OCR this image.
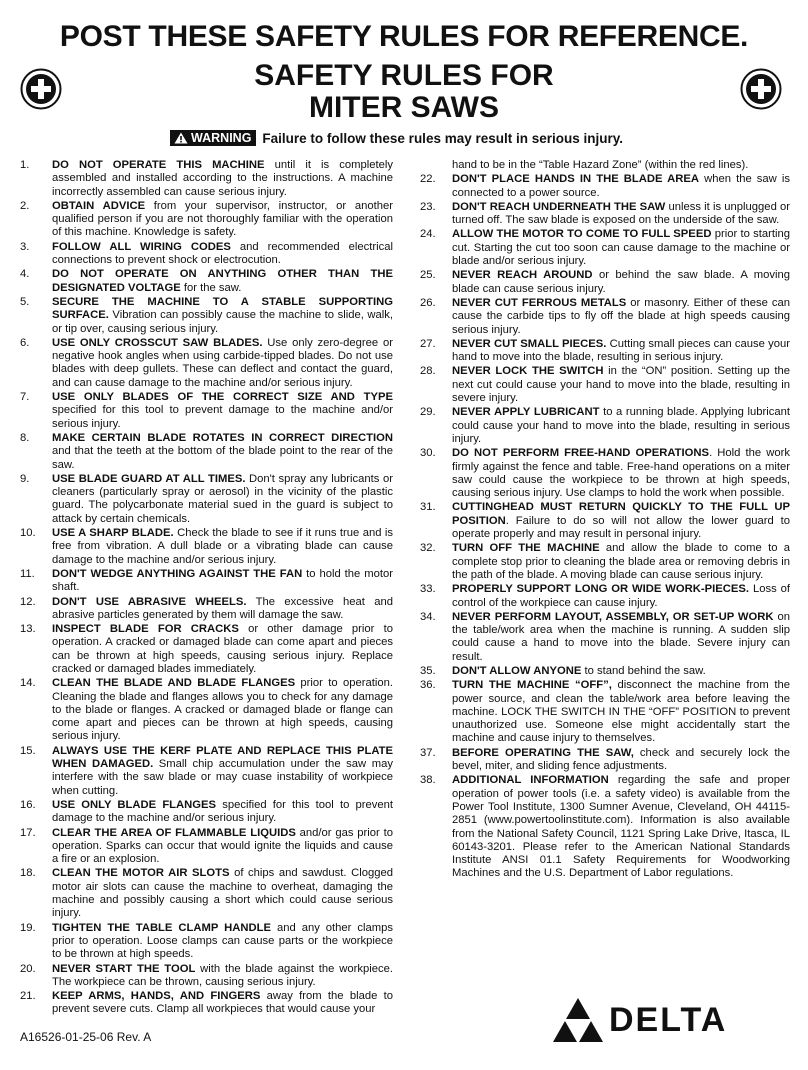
POST THESE SAFETY RULES FOR REFERENCE.
SAFETY RULES FOR
MITER SAWS
WARNING Failure to follow these rules may result in serious injury.
1.	DO NOT OPERATE THIS MACHINE until it is completely assembled and installed according to the instructions. A machine incorrectly assembled can cause serious injury.
2.	OBTAIN ADVICE from your supervisor, instructor, or another qualified person if you are not thoroughly familiar with the operation of this machine. Knowledge is safety.
3.	FOLLOW ALL WIRING CODES and recommended electrical connections to prevent shock or electrocution.
4.	DO NOT OPERATE ON ANYTHING OTHER THAN THE DESIGNATED VOLTAGE for the saw.
5.	SECURE THE MACHINE TO A STABLE SUPPORTING SURFACE. Vibration can possibly cause the machine to slide, walk, or tip over, causing serious injury.
6.	USE ONLY CROSSCUT SAW BLADES. Use only zero-degree or negative hook angles when using carbide-tipped blades. Do not use blades with deep gullets. These can deflect and contact the guard, and can cause damage to the machine and/or serious injury.
7.	USE ONLY BLADES OF THE CORRECT SIZE AND TYPE specified for this tool to prevent damage to the machine and/or serious injury.
8.	MAKE CERTAIN BLADE ROTATES IN CORRECT DIRECTION and that the teeth at the bottom of the blade point to the rear of the saw.
9.	USE BLADE GUARD AT ALL TIMES. Don't spray any lubricants or cleaners (particularly spray or aerosol) in the vicinity of the plastic guard. The polycarbonate material sued in the guard is subject to attack by certain chemicals.
10.	USE A SHARP BLADE. Check the blade to see if it runs true and is free from vibration. A dull blade or a vibrating blade can cause damage to the machine and/or serious injury.
11.	DON'T WEDGE ANYTHING AGAINST THE FAN to hold the motor shaft.
12.	DON'T USE ABRASIVE WHEELS. The excessive heat and abrasive particles generated by them will damage the saw.
13.	INSPECT BLADE FOR CRACKS or other damage prior to operation. A cracked or damaged blade can come apart and pieces can be thrown at high speeds, causing serious injury. Replace cracked or damaged blades immediately.
14.	CLEAN THE BLADE AND BLADE FLANGES prior to operation. Cleaning the blade and flanges allows you to check for any damage to the blade or flanges. A cracked or damaged blade or flange can come apart and pieces can be thrown at high speeds, causing serious injury.
15.	ALWAYS USE THE KERF PLATE AND REPLACE THIS PLATE WHEN DAMAGED. Small chip accumulation under the saw may interfere with the saw blade or may cuase instability of workpiece when cutting.
16.	USE ONLY BLADE FLANGES specified for this tool to prevent damage to the machine and/or serious injury.
17.	CLEAR THE AREA OF FLAMMABLE LIQUIDS and/or gas prior to operation. Sparks can occur that would ignite the liquids and cause a fire or an explosion.
18.	CLEAN THE MOTOR AIR SLOTS of chips and sawdust. Clogged motor air slots can cause the machine to overheat, damaging the machine and possibly causing a short which could cause serious injury.
19.	TIGHTEN THE TABLE CLAMP HANDLE and any other clamps prior to operation. Loose clamps can cause parts or the workpiece to be thrown at high speeds.
20.	NEVER START THE TOOL with the blade against the workpiece. The workpiece can be thrown, causing serious injury.
21.	KEEP ARMS, HANDS, AND FINGERS away from the blade to prevent severe cuts. Clamp all workpieces that would cause your
hand to be in the “Table Hazard Zone” (within the red lines).
22.	DON'T PLACE HANDS IN THE BLADE AREA when the saw is connected to a power source.
23.	DON'T REACH UNDERNEATH THE SAW unless it is unplugged or turned off. The saw blade is exposed on the underside of the saw.
24.	ALLOW THE MOTOR TO COME TO FULL SPEED prior to starting cut. Starting the cut too soon can cause damage to the machine or blade and/or serious injury.
25.	NEVER REACH AROUND or behind the saw blade. A moving blade can cause serious injury.
26.	NEVER CUT FERROUS METALS or masonry. Either of these can cause the carbide tips to fly off the blade at high speeds causing serious injury.
27.	NEVER CUT SMALL PIECES. Cutting small pieces can cause your hand to move into the blade, resulting in serious injury.
28.	NEVER LOCK THE SWITCH in the “ON” position. Setting up the next cut could cause your hand to move into the blade, resulting in severe injury.
29.	NEVER APPLY LUBRICANT to a running blade. Applying lubricant could cause your hand to move into the blade, resulting in serious injury.
30.	DO NOT PERFORM FREE-HAND OPERATIONS. Hold the work firmly against the fence and table. Free-hand operations on a miter saw could cause the workpiece to be thrown at high speeds, causing serious injury. Use clamps to hold the work when possible.
31.	CUTTINGHEAD MUST RETURN QUICKLY TO THE FULL UP POSITION. Failure to do so will not allow the lower guard to operate properly and may result in personal injury.
32.	TURN OFF THE MACHINE and allow the blade to come to a complete stop prior to cleaning the blade area or removing debris in the path of the blade. A moving blade can cause serious injury.
33.	PROPERLY SUPPORT LONG OR WIDE WORK-PIECES. Loss of control of the workpiece can cause injury.
34.	NEVER PERFORM LAYOUT, ASSEMBLY, OR SET-UP WORK on the table/work area when the machine is running. A sudden slip could cause a hand to move into the blade. Severe injury can result.
35.	DON'T ALLOW ANYONE to stand behind the saw.
36.	TURN THE MACHINE “OFF”, disconnect the machine from the power source, and clean the table/work area before leaving the machine. LOCK THE SWITCH IN THE “OFF” POSITION to prevent unauthorized use. Someone else might accidentally start the machine and cause injury to themselves.
37.	BEFORE OPERATING THE SAW, check and securely lock the bevel, miter, and sliding fence adjustments.
38.	ADDITIONAL INFORMATION regarding the safe and proper operation of power tools (i.e. a safety video) is available from the Power Tool Institute, 1300 Sumner Avenue, Cleveland, OH 44115-2851 (www.powertoolinstitute.com). Information is also available from the National Safety Council, 1121 Spring Lake Drive, Itasca, IL 60143-3201. Please refer to the American National Standards Institute ANSI 01.1 Safety Requirements for Woodworking Machines and the U.S. Department of Labor regulations.
A16526-01-25-06 Rev. A	DELTA
